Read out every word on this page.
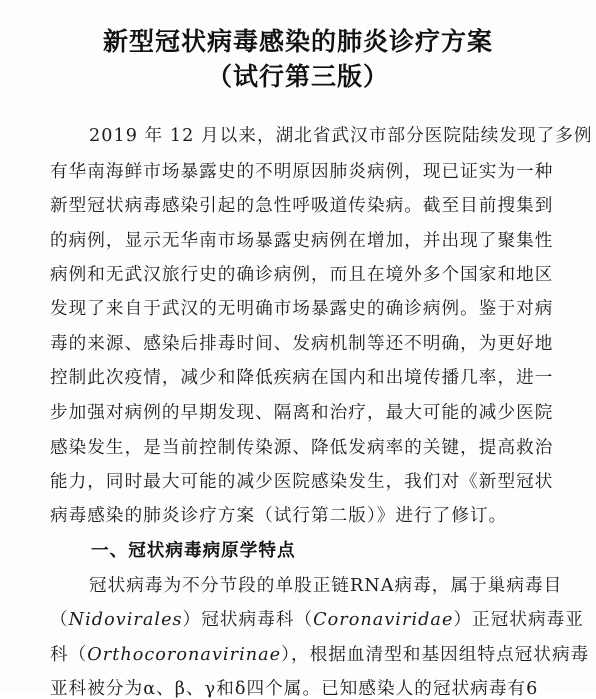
新型冠状病毒感染的肺炎诊疗方案
（试行第三版）
2019 年 12 月以来，湖北省武汉市部分医院陆续发现了多例
有华南海鲜市场暴露史的不明原因肺炎病例，现已证实为一种
新型冠状病毒感染引起的急性呼吸道传染病。截至目前搜集到
的病例，显示无华南市场暴露史病例在增加，并出现了聚集性
病例和无武汉旅行史的确诊病例，而且在境外多个国家和地区
发现了来自于武汉的无明确市场暴露史的确诊病例。鉴于对病
毒的来源、感染后排毒时间、发病机制等还不明确，为更好地
控制此次疫情，减少和降低疾病在国内和出境传播几率，进一
步加强对病例的早期发现、隔离和治疗，最大可能的减少医院
感染发生，是当前控制传染源、降低发病率的关键，提高救治
能力，同时最大可能的减少医院感染发生，我们对《新型冠状
病毒感染的肺炎诊疗方案（试行第二版）》进行了修订。
一、冠状病毒病原学特点
冠状病毒为不分节段的单股正链RNA病毒，属于巢病毒目
（Nidovirales）冠状病毒科（Coronaviridae）正冠状病毒亚
科（Orthocoronavirinae），根据血清型和基因组特点冠状病毒
亚科被分为α、β、γ和δ四个属。已知感染人的冠状病毒有6
